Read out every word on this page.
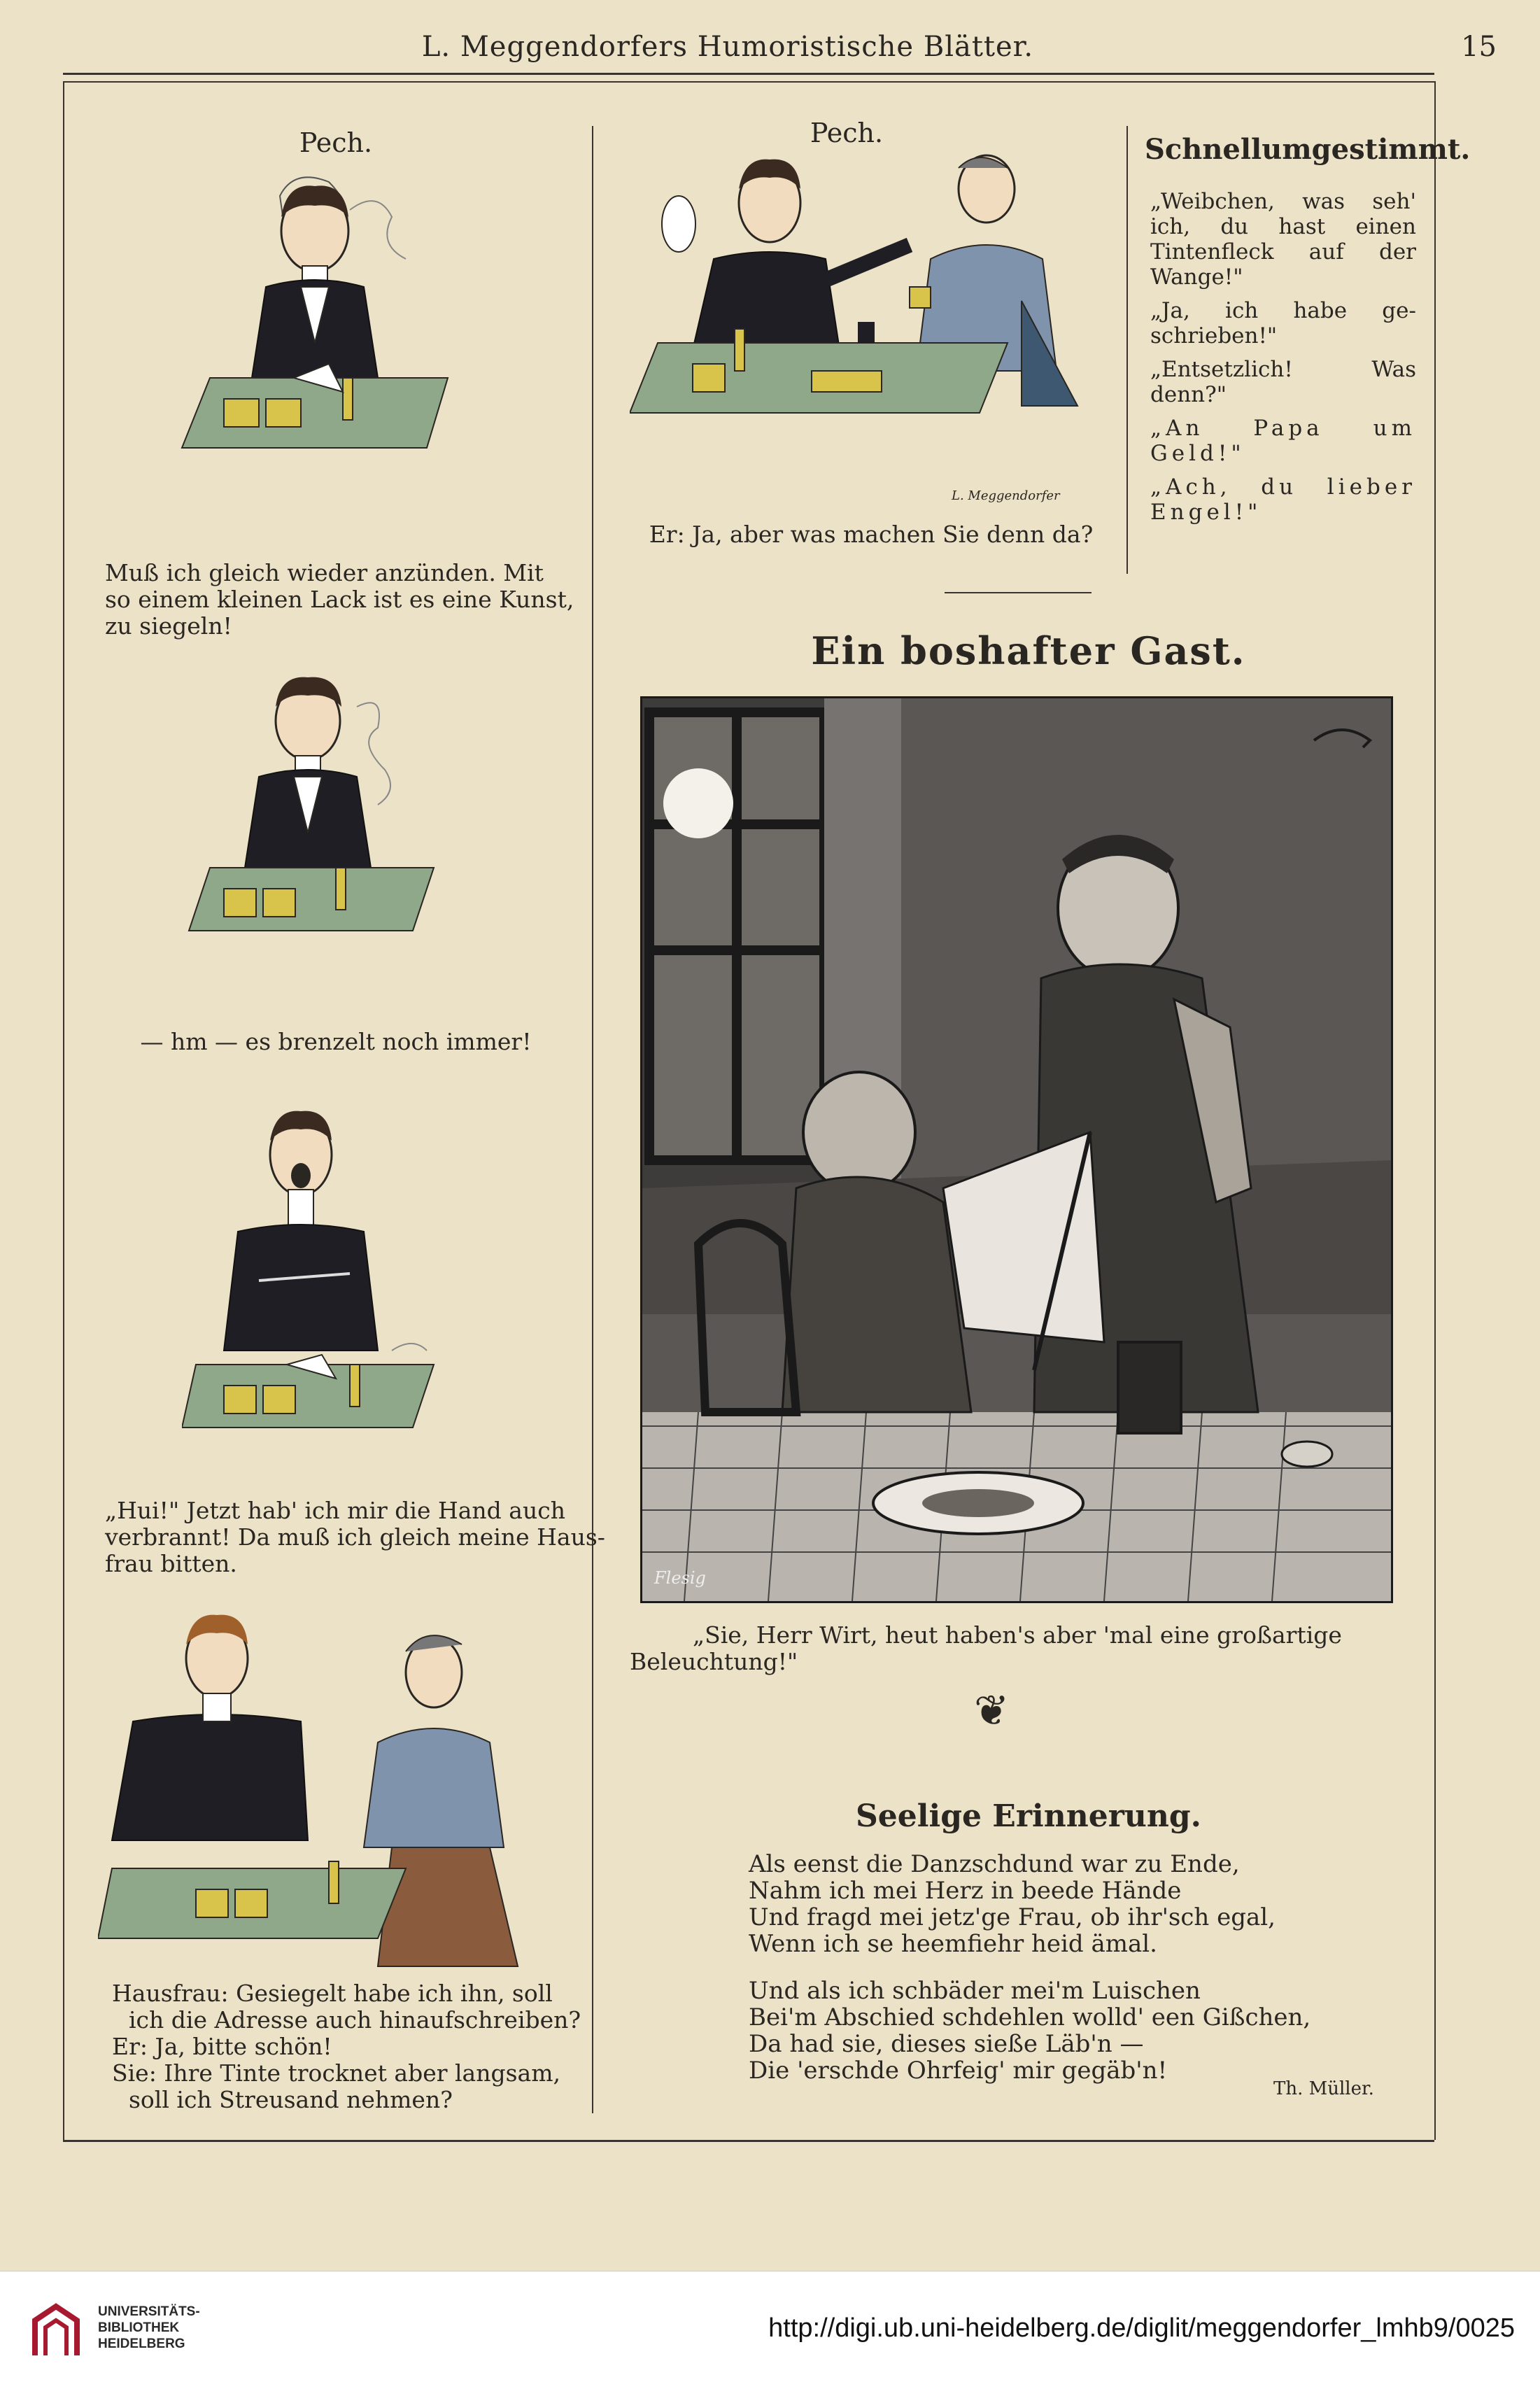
L. Meggendorfers Humoristische Blätter.	15
Pech.
Muß ich gleich wieder anzünden. Mit
so einem kleinen Lack ist es eine Kunst,
zu siegeln!
— hm — es brenzelt noch immer!
„Hui!" Jetzt hab' ich mir die Hand auch
verbrannt! Da muß ich gleich meine Haus-
frau bitten.
Hausfrau: Gesiegelt habe ich ihn, soll
ich die Adresse auch hinaufschreiben?
Er: Ja, bitte schön!
Sie: Ihre Tinte trocknet aber langsam,
soll ich Streusand nehmen?
Pech.
L. Meggendorfer
Er: Ja, aber was machen Sie denn da?
Schnellumgestimmt.

„Weibchen, was seh' ich, du hast einen Tintenfleck auf der Wange!"

„Ja, ich habe geschrieben!"

„Entsetzlich! Was denn?"

„An Papa um Geld!"

„Ach, du lieber Engel!"

Ein boshafter Gast.
Flesig
„Sie, Herr Wirt, heut haben's aber 'mal eine großartige
Beleuchtung!"
❦
Seelige Erinnerung.
Als eenst die Danzschdund war zu Ende,
Nahm ich mei Herz in beede Hände
Und fragd mei jetz'ge Frau, ob ihr'sch egal,
Wenn ich se heemfiehr heid ämal.
Und als ich schbäder mei'm Luischen
Bei'm Abschied schdehlen wolld' een Gißchen,
Da had sie, dieses sieße Läb'n —
Die 'erschde Ohrfeig' mir gegäb'n!
Th. Müller.
UNIVERSITÄTS-
BIBLIOTHEK
HEIDELBERG
http://digi.ub.uni-heidelberg.de/diglit/meggendorfer_lmhb9/0025
